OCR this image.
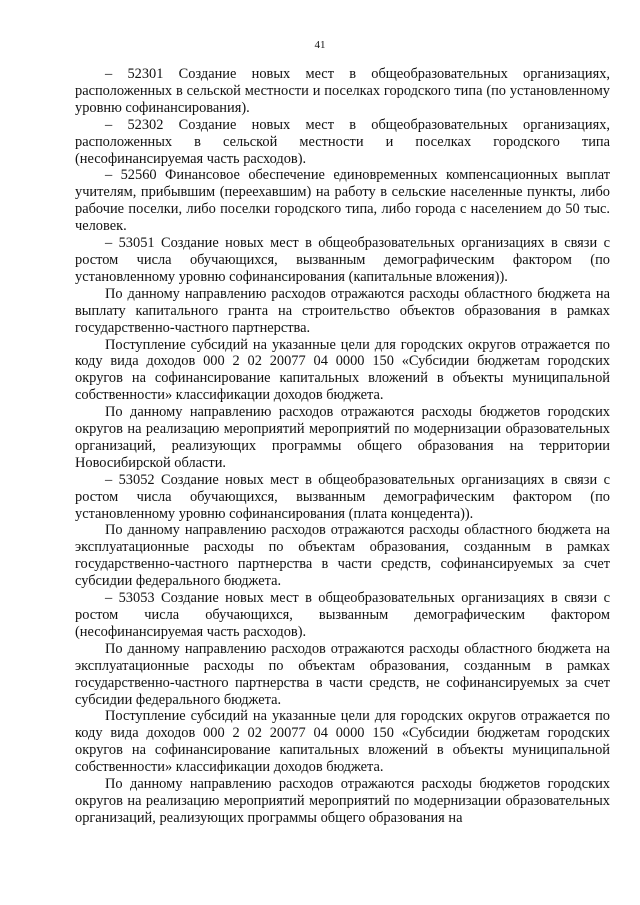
41

– 52301 Создание новых мест в общеобразовательных организациях, расположенных в сельской местности и поселках городского типа (по установленному уровню софинансирования).

– 52302 Создание новых мест в общеобразовательных организациях, расположенных в сельской местности и поселках городского типа (несофинансируемая часть расходов).

– 52560 Финансовое обеспечение единовременных компенсационных выплат учителям, прибывшим (переехавшим) на работу в сельские населенные пункты, либо рабочие поселки, либо поселки городского типа, либо города с населением до 50 тыс. человек.

– 53051 Создание новых мест в общеобразовательных организациях в связи с ростом числа обучающихся, вызванным демографическим фактором (по установленному уровню софинансирования (капитальные вложения)).

По данному направлению расходов отражаются расходы областного бюджета на выплату капитального гранта на строительство объектов образования в рамках государственно-частного партнерства.

Поступление субсидий на указанные цели для городских округов отражается по коду вида доходов 000 2 02 20077 04 0000 150 «Субсидии бюджетам городских округов на софинансирование капитальных вложений в объекты муниципальной собственности» классификации доходов бюджета.

По данному направлению расходов отражаются расходы бюджетов городских округов на реализацию мероприятий мероприятий по модернизации образовательных организаций, реализующих программы общего образования на территории Новосибирской области.

– 53052 Создание новых мест в общеобразовательных организациях в связи с ростом числа обучающихся, вызванным демографическим фактором (по установленному уровню софинансирования (плата концедента)).

По данному направлению расходов отражаются расходы областного бюджета на эксплуатационные расходы по объектам образования, созданным в рамках государственно-частного партнерства в части средств, софинансируемых за счет субсидии федерального бюджета.

– 53053 Создание новых мест в общеобразовательных организациях в связи с ростом числа обучающихся, вызванным демографическим фактором (несофинансируемая часть расходов).

По данному направлению расходов отражаются расходы областного бюджета на эксплуатационные расходы по объектам образования, созданным в рамках государственно-частного партнерства в части средств, не софинансируемых за счет субсидии федерального бюджета.

Поступление субсидий на указанные цели для городских округов отражается по коду вида доходов 000 2 02 20077 04 0000 150 «Субсидии бюджетам городских округов на софинансирование капитальных вложений в объекты муниципальной собственности» классификации доходов бюджета.

По данному направлению расходов отражаются расходы бюджетов городских округов на реализацию мероприятий мероприятий по модернизации образовательных организаций, реализующих программы общего образования на
